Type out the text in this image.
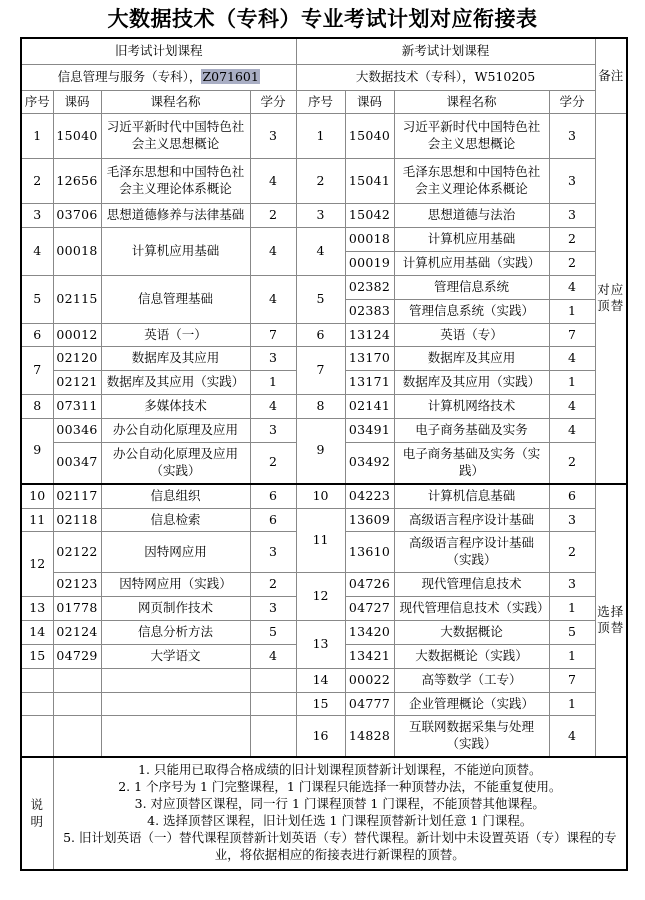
大数据技术（专科）专业考试计划对应衔接表
旧考试计划课程				新考试计划课程				备注
信息管理与服务（专科），Z071601				大数据技术（专科），W510205				
序号	课码	课程名称	学分	序号	课码	课程名称	学分	
1	15040	习近平新时代中国特色社会主义思想概论	3	1	15040	习近平新时代中国特色社会主义思想概论	3	对应顶替
2	12656	毛泽东思想和中国特色社会主义理论体系概论	4	2	15041	毛泽东思想和中国特色社会主义理论体系概论	3	
3	03706	思想道德修养与法律基础	2	3	15042	思想道德与法治	3	
4	00018	计算机应用基础	4	4	00018	计算机应用基础	2	
					00019	计算机应用基础（实践）	2	
5	02115	信息管理基础	4	5	02382	管理信息系统	4	
					02383	管理信息系统（实践）	1	
6	00012	英语（一）	7	6	13124	英语（专）	7	
7	02120	数据库及其应用	3	7	13170	数据库及其应用	4	
	02121	数据库及其应用（实践）	1		13171	数据库及其应用（实践）	1	
8	07311	多媒体技术	4	8	02141	计算机网络技术	4	
9	00346	办公自动化原理及应用	3	9	03491	电子商务基础及实务	4	
	00347	办公自动化原理及应用（实践）	2		03492	电子商务基础及实务（实践）	2	
10	02117	信息组织	6	10	04223	计算机信息基础	6	选择顶替
11	02118	信息检索	6	11	13609	高级语言程序设计基础	3	
12	02122	因特网应用	3		13610	高级语言程序设计基础（实践）	2	
	02123	因特网应用（实践）	2	12	04726	现代管理信息技术	3	
13	01778	网页制作技术	3		04727	现代管理信息技术（实践）	1	
14	02124	信息分析方法	5	13	13420	大数据概论	5	
15	04729	大学语文	4		13421	大数据概论（实践）	1	
				14	00022	高等数学（工专）	7	
				15	04777	企业管理概论（实践）	1	
				16	14828	互联网数据采集与处理（实践）	4	

说
明

1. 只能用已取得合格成绩的旧计划课程顶替新计划课程，不能逆向顶替。

2. 1 个序号为 1 门完整课程，1 门课程只能选择一种顶替办法，不能重复使用。

3. 对应顶替区课程，同一行 1 门课程顶替 1 门课程，不能顶替其他课程。

4. 选择顶替区课程，旧计划任选 1 门课程顶替新计划任意 1 门课程。

5. 旧计划英语（一）替代课程顶替新计划英语（专）替代课程。新计划中未设置英语（专）课程的专业，将依据相应的衔接表进行新课程的顶替。
